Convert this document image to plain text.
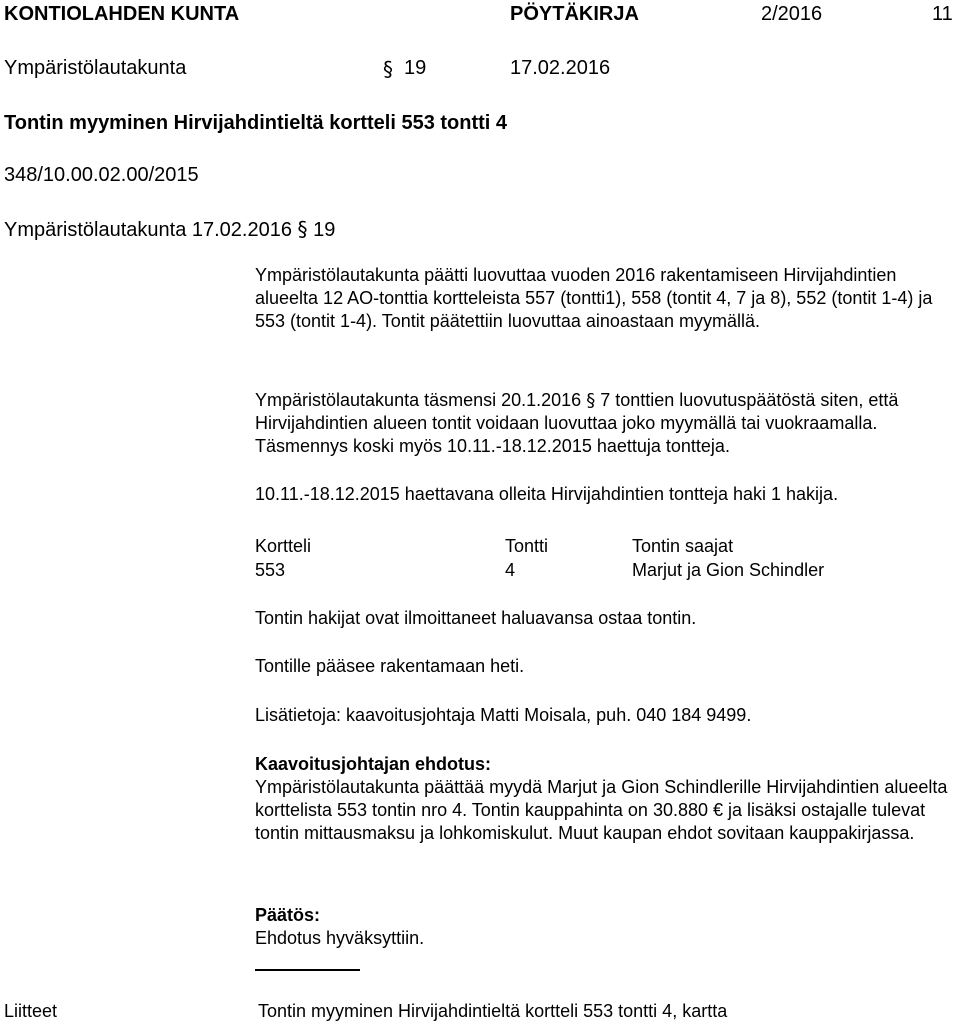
KONTIOLAHDEN KUNTA	PÖYTÄKIRJA	2/2016	11
Ympäristölautakunta	§ 19	17.02.2016
Tontin myyminen Hirvijahdintieltä kortteli 553 tontti 4
348/10.00.02.00/2015
Ympäristölautakunta 17.02.2016 § 19

Ympäristölautakunta päätti luovuttaa vuoden 2016 rakentamiseen Hirvijahdintien alueelta 12 AO-tonttia kortteleista 557 (tontti1), 558 (tontit 4, 7 ja 8), 552 (tontit 1-4) ja 553 (tontit 1-4). Tontit päätettiin luovuttaa ainoastaan myymällä.

Ympäristölautakunta täsmensi 20.1.2016 § 7 tonttien luovutuspäätöstä siten, että Hirvijahdintien alueen tontit voidaan luovuttaa joko myymällä tai vuokraamalla. Täsmennys koski myös 10.11.-18.12.2015 haettuja tontteja.

10.11.-18.12.2015 haettavana olleita Hirvijahdintien tontteja haki 1 hakija.

Kortteli	Tontti	Tontin saajat
553	4	Marjut ja Gion Schindler
Tontin hakijat ovat ilmoittaneet haluavansa ostaa tontin.
Tontille pääsee rakentamaan heti.
Lisätietoja: kaavoitusjohtaja Matti Moisala, puh. 040 184 9499.

Kaavoitusjohtajan ehdotus:

Ympäristölautakunta päättää myydä Marjut ja Gion Schindlerille Hirvijahdintien alueelta korttelista 553 tontin nro 4. Tontin kauppahinta on 30.880 € ja lisäksi ostajalle tulevat tontin mittausmaksu ja lohkomiskulut. Muut kaupan ehdot sovitaan kauppakirjassa.

Päätös:

Ehdotus hyväksyttiin.

Liitteet	Tontin myyminen Hirvijahdintieltä kortteli 553 tontti 4, kartta
